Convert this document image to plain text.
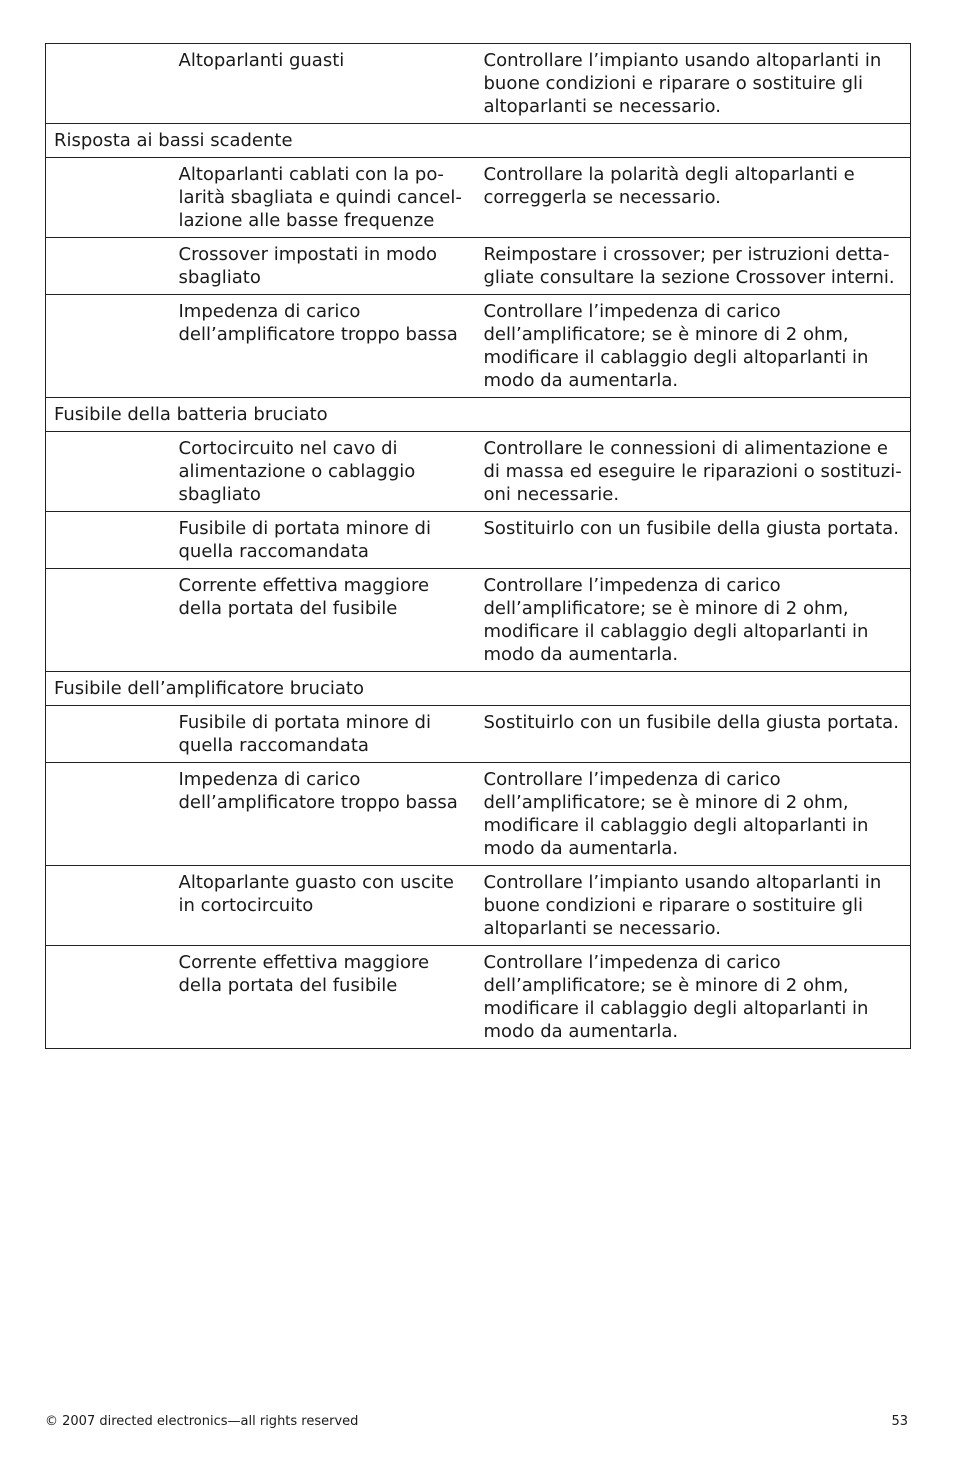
	Altoparlanti guasti	Controllare l’impianto usando altoparlanti in buone condizioni e riparare o sostituire gli altoparlanti se necessario.
Risposta ai bassi scadente		
	Altoparlanti cablati con la polarità sbagliata e quindi cancellazione alle basse frequenze	Controllare la polarità degli altoparlanti e correggerla se necessario.
	Crossover impostati in modo sbagliato	Reimpostare i crossover; per istruzioni dettagliate consultare la sezione Crossover interni.
	Impedenza di carico dell’amplificatore troppo bassa	Controllare l’impedenza di carico dell’amplificatore; se è minore di 2 ohm, modificare il cablaggio degli altoparlanti in modo da aumentarla.
Fusibile della batteria bruciato		
	Cortocircuito nel cavo di alimentazione o cablaggio sbagliato	Controllare le connessioni di alimentazione e di massa ed eseguire le riparazioni o sostituzioni necessarie.
	Fusibile di portata minore di quella raccomandata	Sostituirlo con un fusibile della giusta portata.
	Corrente effettiva maggiore della portata del fusibile	Controllare l’impedenza di carico dell’amplificatore; se è minore di 2 ohm, modificare il cablaggio degli altoparlanti in modo da aumentarla.
Fusibile dell’amplificatore bruciato		
	Fusibile di portata minore di quella raccomandata	Sostituirlo con un fusibile della giusta portata.
	Impedenza di carico dell’amplificatore troppo bassa	Controllare l’impedenza di carico dell’amplificatore; se è minore di 2 ohm, modificare il cablaggio degli altoparlanti in modo da aumentarla.
	Altoparlante guasto con uscite in cortocircuito	Controllare l’impianto usando altoparlanti in buone condizioni e riparare o sostituire gli altoparlanti se necessario.
	Corrente effettiva maggiore della portata del fusibile	Controllare l’impedenza di carico dell’amplificatore; se è minore di 2 ohm, modificare il cablaggio degli altoparlanti in modo da aumentarla.
© 2007 directed electronics—all rights reserved	53
